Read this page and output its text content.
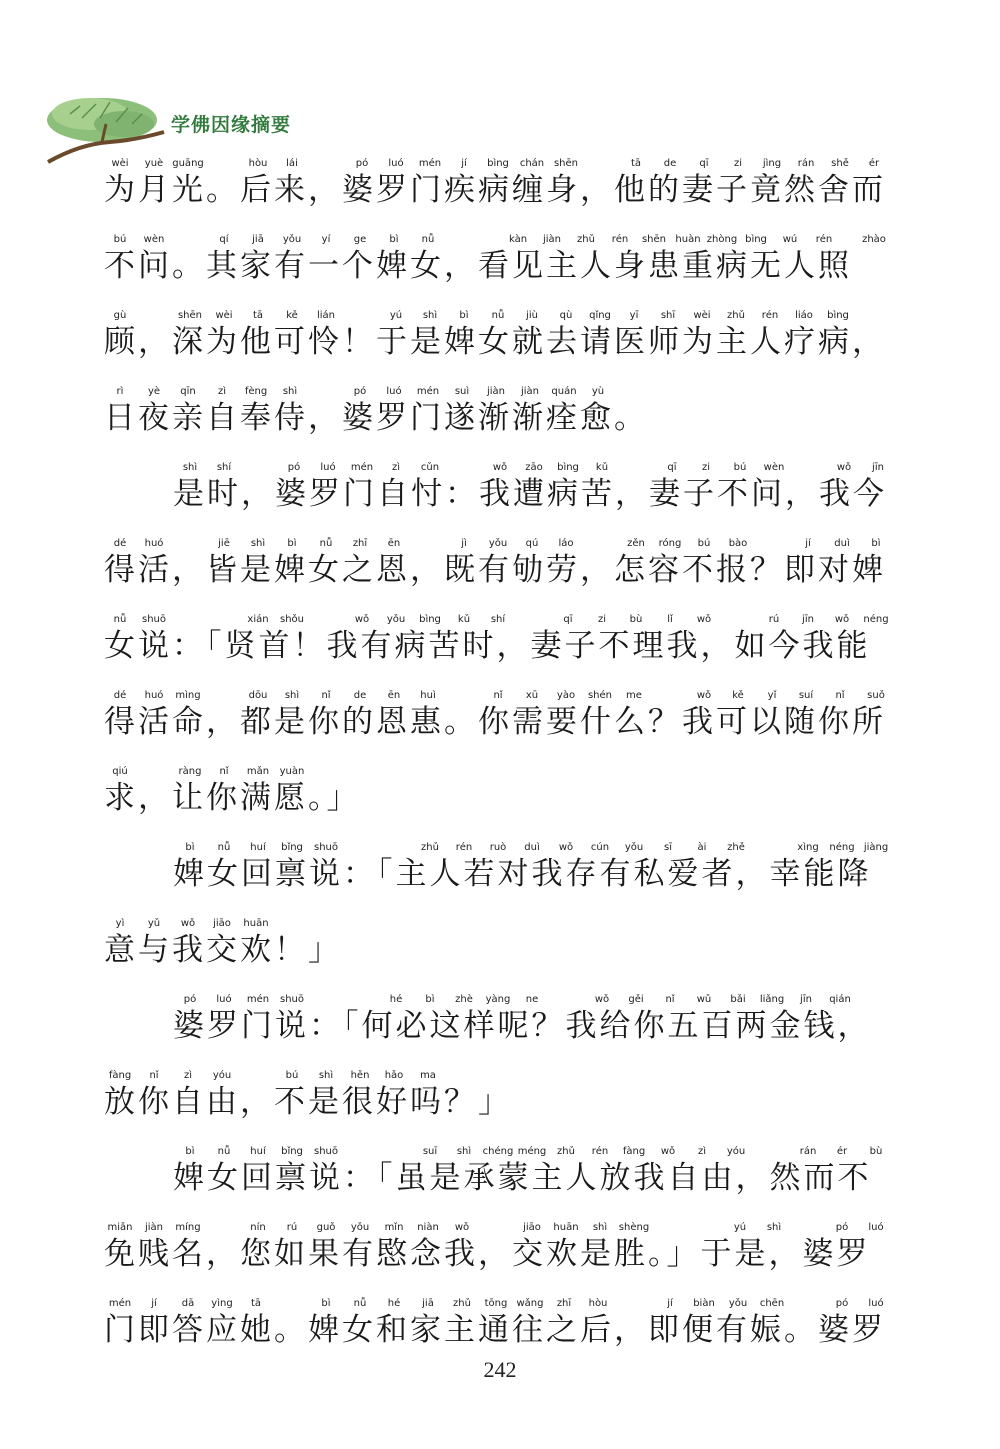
学佛因缘摘要
wèi yuè guāng	hòu lái	pó luó mén jí bìng chán shēn	tā de qī	zi jìng rán shě ér
为月光。后来，婆罗门疾病缠身，他的妻子竟然舍而
bú wèn	qí jiā yǒu yí ge bì nǚ	kàn jiàn zhǔ rén shēn huàn zhòng bìng wú rén	zhào
不问。其家有一个婢女，看见主人身患重病无人照
gù	shēn wèi tā kě lián	yú shì bì nǚ jiù qù qǐng yī shī wèi zhǔ rén liáo bìng
顾，深为他可怜！于是婢女就去请医师为主人疗病，
rì yè qīn zì fèng shì	pó luó mén suì jiàn jiàn quán yù
日夜亲自奉侍，婆罗门遂渐渐痊愈。
shì shí	pó luó mén zì cǔn	wǒ zāo bìng kǔ	qī	zi bú wèn	wǒ jīn
是时，婆罗门自忖：我遭病苦，妻子不问，我今
dé huó	jiē shì bì nǚ zhī ēn	jì yǒu qú láo	zěn róng bú bào	jí duì bì
得活，皆是婢女之恩，既有劬劳，怎容不报？即对婢
nǚ shuō	xián shǒu	wǒ yǒu bìng kǔ shí	qī	zi bù lǐ wǒ	rú jīn wǒ néng
女说：「贤首！我有病苦时，妻子不理我，如今我能
dé huó mìng	dōu shì nǐ de ēn huì	nǐ xū yào shén me	wǒ kě yǐ suí nǐ suǒ
得活命，都是你的恩惠。你需要什么？我可以随你所
qiú	ràng nǐ mǎn yuàn
求，让你满愿。」
bì nǚ huí bǐng shuō	zhǔ rén ruò duì wǒ cún yǒu sī	ài zhě	xìng néng jiàng
婢女回禀说：「主人若对我存有私爱者，幸能降
yì yǔ wǒ jiāo huān
意与我交欢！」
pó luó mén shuō	hé bì zhè yàng ne	wǒ gěi nǐ wǔ bǎi liǎng jīn qián
婆罗门说：「何必这样呢？我给你五百两金钱，
fàng nǐ	zì yóu	bú shì hěn hǎo ma
放你自由，不是很好吗？」
bì nǚ huí bǐng shuō	suī shì chéng méng zhǔ rén fàng wǒ zì yóu	rán ér bù
婢女回禀说：「虽是承蒙主人放我自由，然而不
miǎn jiàn míng	nín rú guǒ yǒu mǐn niàn wǒ	jiāo huān shì shèng	yú shì	pó luó
免贱名，您如果有愍念我，交欢是胜。」于是，婆罗
mén jí dā yìng tā	bì nǚ hé jiā zhǔ tōng wǎng zhī hòu	jí biàn yǒu chēn	pó luó
门即答应她。婢女和家主通往之后，即便有娠。婆罗
242
